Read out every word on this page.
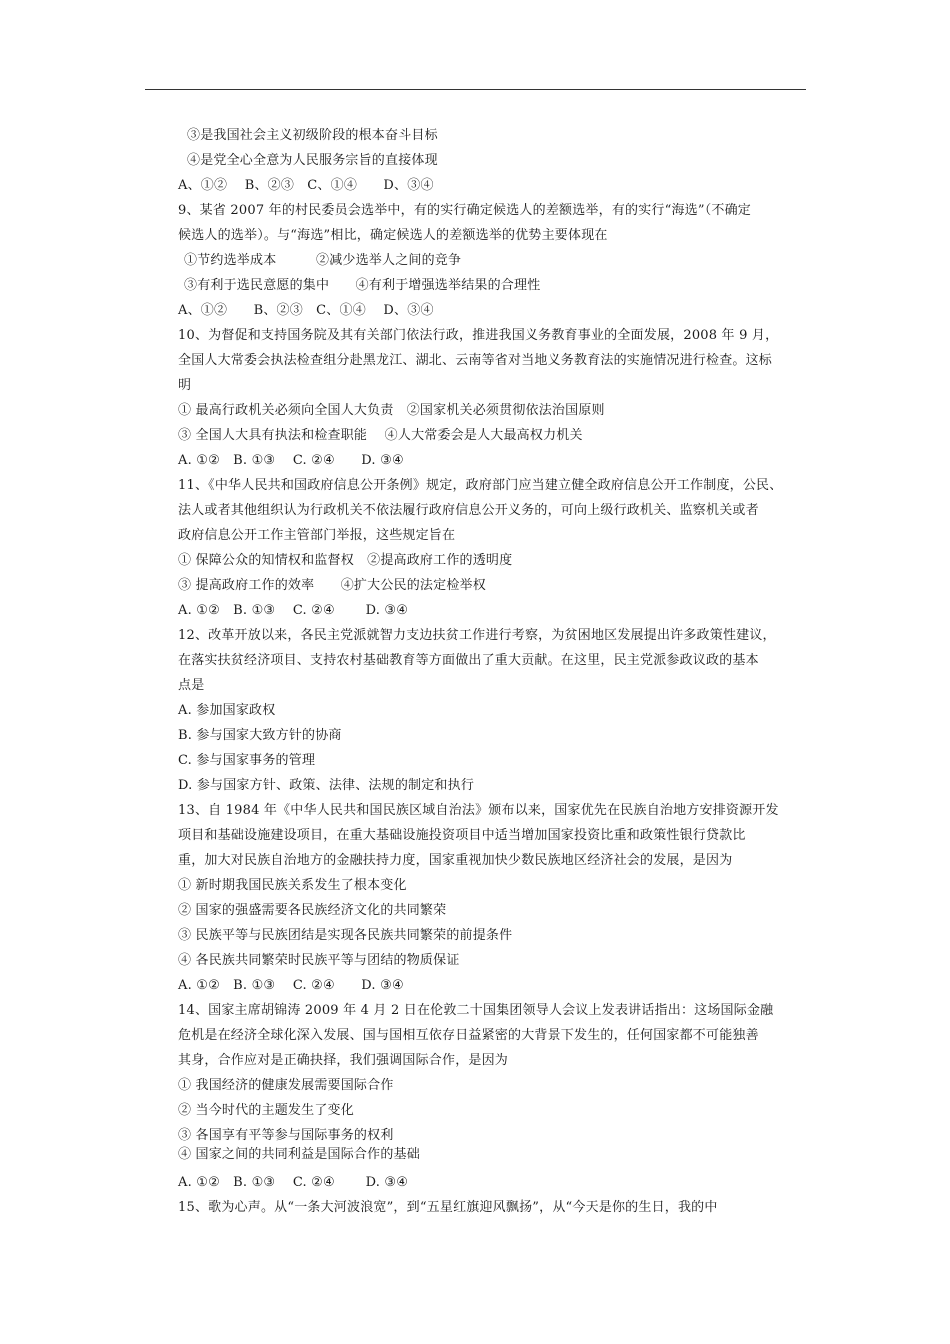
③是我国社会主义初级阶段的根本奋斗目标
④是党全心全意为人民服务宗旨的直接体现
A、①②　 B、②③　C、①④　　D、③④
9、某省 2007 年的村民委员会选举中，有的实行确定候选人的差额选举，有的实行“海选”（不确定
候选人的选举）。与“海选”相比，确定候选人的差额选举的优势主要体现在
①节约选举成本　　　②减少选举人之间的竞争
③有利于选民意愿的集中　　④有利于增强选举结果的合理性
A、①②　　B、②③　C、①④　 D、③④
10、为督促和支持国务院及其有关部门依法行政，推进我国义务教育事业的全面发展，2008 年 9 月，
全国人大常委会执法检查组分赴黑龙江、湖北、云南等省对当地义务教育法的实施情况进行检查。这标
明
① 最高行政机关必须向全国人大负责　②国家机关必须贯彻依法治国原则
③ 全国人大具有执法和检查职能　 ④人大常委会是人大最高权力机关
A. ①②　B. ①③　 C. ②④　　D. ③④
11、《中华人民共和国政府信息公开条例》规定，政府部门应当建立健全政府信息公开工作制度，公民、
法人或者其他组织认为行政机关不依法履行政府信息公开义务的，可向上级行政机关、监察机关或者
政府信息公开工作主管部门举报，这些规定旨在
① 保障公众的知情权和监督权　②提高政府工作的透明度
③ 提高政府工作的效率　　④扩大公民的法定检举权
A. ①②　B. ①③　 C. ②④　　 D. ③④
12、改革开放以来，各民主党派就智力支边扶贫工作进行考察，为贫困地区发展提出许多政策性建议，
在落实扶贫经济项目、支持农村基础教育等方面做出了重大贡献。在这里，民主党派参政议政的基本
点是
A. 参加国家政权
B. 参与国家大致方针的协商
C. 参与国家事务的管理
D. 参与国家方针、政策、法律、法规的制定和执行
13、自 1984 年《中华人民共和国民族区域自治法》颁布以来，国家优先在民族自治地方安排资源开发
项目和基础设施建设项目，在重大基础设施投资项目中适当增加国家投资比重和政策性银行贷款比
重，加大对民族自治地方的金融扶持力度，国家重视加快少数民族地区经济社会的发展，是因为
① 新时期我国民族关系发生了根本变化
② 国家的强盛需要各民族经济文化的共同繁荣
③ 民族平等与民族团结是实现各民族共同繁荣的前提条件
④ 各民族共同繁荣时民族平等与团结的物质保证
A. ①②　B. ①③　 C. ②④　　D. ③④
14、国家主席胡锦涛 2009 年 4 月 2 日在伦敦二十国集团领导人会议上发表讲话指出：这场国际金融
危机是在经济全球化深入发展、国与国相互依存日益紧密的大背景下发生的，任何国家都不可能独善
其身，合作应对是正确抉择，我们强调国际合作，是因为
① 我国经济的健康发展需要国际合作
② 当今时代的主题发生了变化
③ 各国享有平等参与国际事务的权利
④ 国家之间的共同利益是国际合作的基础
A. ①②　B. ①③　 C. ②④　　 D. ③④
15、歌为心声。从“一条大河波浪宽”，到“五星红旗迎风飘扬”，从“今天是你的生日，我的中
